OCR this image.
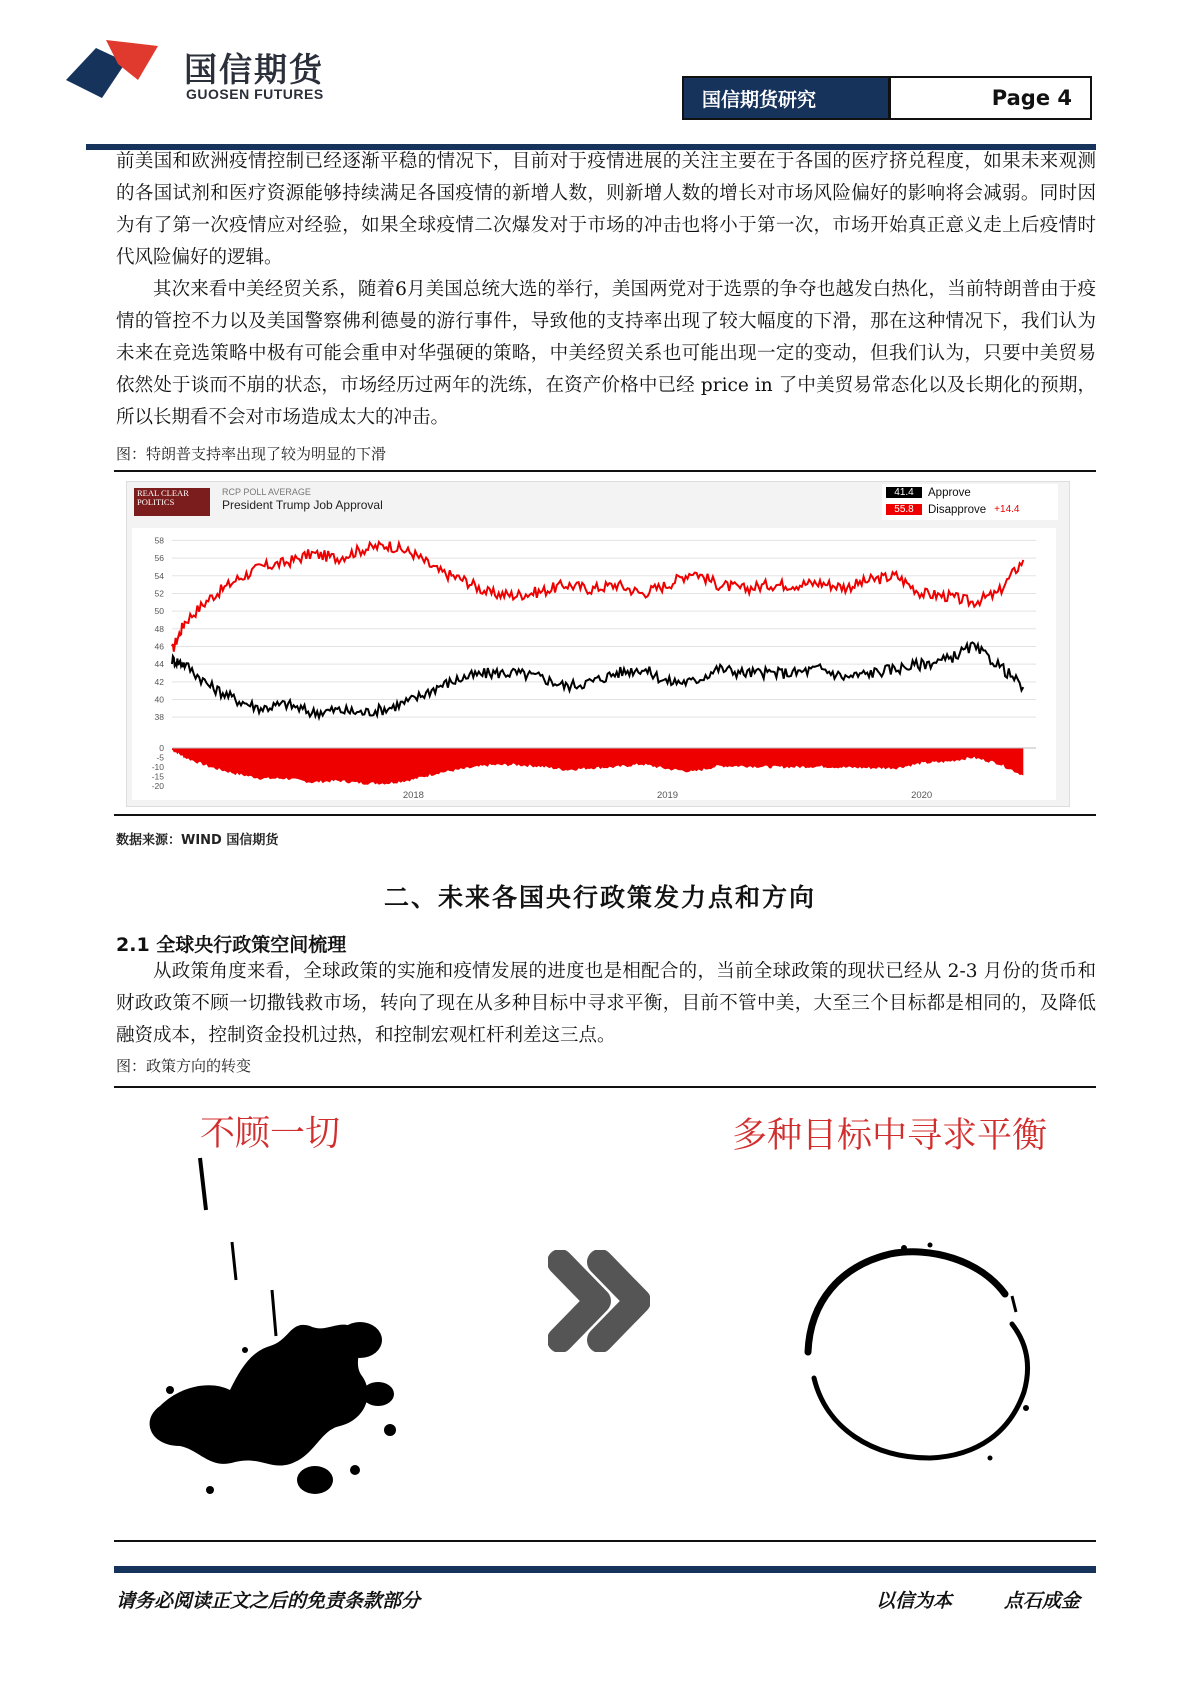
国信期货
GUOSEN FUTURES	国信期货研究	Page 4

前美国和欧洲疫情控制已经逐渐平稳的情况下，目前对于疫情进展的关注主要在于各国的医疗挤兑程度，如果未来观测的各国试剂和医疗资源能够持续满足各国疫情的新增人数，则新增人数的增长对市场风险偏好的影响将会减弱。同时因为有了第一次疫情应对经验，如果全球疫情二次爆发对于市场的冲击也将小于第一次，市场开始真正意义走上后疫情时代风险偏好的逻辑。

其次来看中美经贸关系，随着6月美国总统大选的举行，美国两党对于选票的争夺也越发白热化，当前特朗普由于疫情的管控不力以及美国警察佛利德曼的游行事件，导致他的支持率出现了较大幅度的下滑，那在这种情况下，我们认为未来在竞选策略中极有可能会重申对华强硬的策略，中美经贸关系也可能出现一定的变动，但我们认为，只要中美贸易依然处于谈而不崩的状态，市场经历过两年的洗练，在资产价格中已经 price in 了中美贸易常态化以及长期化的预期，所以长期看不会对市场造成太大的冲击。

图：特朗普支持率出现了较为明显的下滑
REAL CLEAR POLITICS
RCP POLL AVERAGE
President Trump Job Approval
41.4	Approve
55.8	Disapprove +14.4
38
40
42
44
46
48
50
52
54
56
58
0
-5
-10
-15
-20
2018	2019	2020
数据来源：WIND 国信期货
二、未来各国央行政策发力点和方向
2.1 全球央行政策空间梳理

从政策角度来看，全球政策的实施和疫情发展的进度也是相配合的，当前全球政策的现状已经从 2-3 月份的货币和财政政策不顾一切撒钱救市场，转向了现在从多种目标中寻求平衡，目前不管中美，大至三个目标都是相同的，及降低融资成本，控制资金投机过热，和控制宏观杠杆利差这三点。

图：政策方向的转变
不顾一切	多种目标中寻求平衡
请务必阅读正文之后的免责条款部分	以信为本	点石成金
